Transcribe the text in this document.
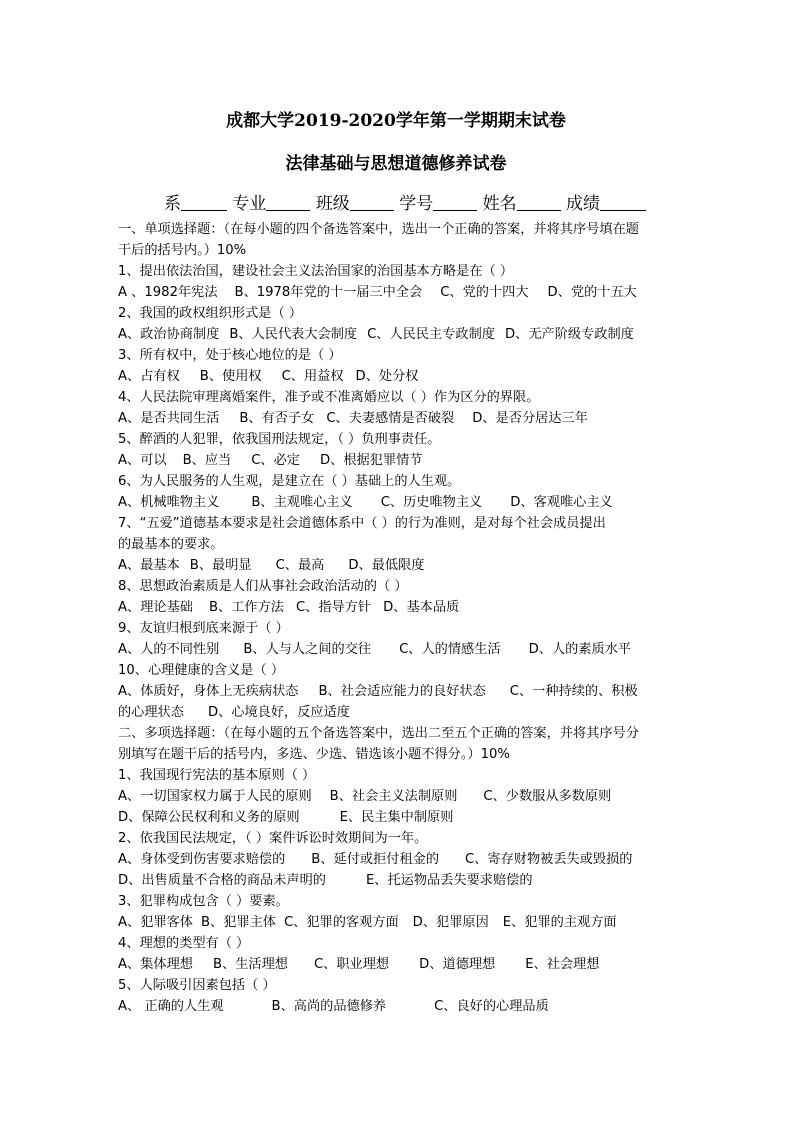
成都大学2019-2020学年第一学期期末试卷
法律基础与思想道德修养试卷
系	专业	班级	学号	姓名	成绩
一、单项选择题：（在每小题的四个备选答案中，选出一个正确的答案，并将其序号填在题
干后的括号内。）10%
1、提出依法治国，建设社会主义法治国家的治国基本方略是在（ ）
A 、1982年宪法 B、1978年党的十一届三中全会 C、党的十四大 D、党的十五大
2、我国的政权组织形式是（ ）
A、政治协商制度 B、人民代表大会制度 C、人民民主专政制度 D、无产阶级专政制度
3、所有权中，处于核心地位的是（ ）
A、占有权 B、使用权 C、用益权 D、处分权
4、人民法院审理离婚案件，准予或不准离婚应以（ ）作为区分的界限。
A、是否共同生活 B、有否子女 C、夫妻感情是否破裂 D、是否分居达三年
5、醉酒的人犯罪，依我国刑法规定，（ ）负刑事责任。
A、可以 B、应当 C、必定 D、根据犯罪情节
6、为人民服务的人生观，是建立在（ ）基础上的人生观。
A、机械唯物主义 B、主观唯心主义 C、历史唯物主义 D、客观唯心主义
7、“五爱”道德基本要求是社会道德体系中（ ）的行为准则，是对每个社会成员提出
的最基本的要求。
A、最基本 B、最明显 C、最高 D、最低限度
8、思想政治素质是人们从事社会政治活动的（ ）
A、理论基础 B、工作方法 C、指导方针 D、基本品质
9、友谊归根到底来源于（ ）
A、人的不同性别 B、人与人之间的交往 C、人的情感生活 D、人的素质水平
10、心理健康的含义是（ ）
A、体质好，身体上无疾病状态 B、社会适应能力的良好状态 C、一种持续的、积极
的心理状态 D、心境良好，反应适度
二、多项选择题：（在每小题的五个备选答案中，选出二至五个正确的答案，并将其序号分
别填写在题干后的括号内，多选、少选、错选该小题不得分。）10%
1、我国现行宪法的基本原则（ ）
A、一切国家权力属于人民的原则 B、社会主义法制原则 C、少数服从多数原则
D、保障公民权利和义务的原则	E、民主集中制原则
2、依我国民法规定，（ ）案件诉讼时效期间为一年。
A、身体受到伤害要求赔偿的 B、延付或拒付租金的 C、寄存财物被丢失或毁损的
D、出售质量不合格的商品未声明的	E、托运物品丢失要求赔偿的
3、犯罪构成包含（ ）要素。
A、犯罪客体 B、犯罪主体 C、犯罪的客观方面 D、犯罪原因 E、犯罪的主观方面
4、理想的类型有（ ）
A、集体理想 B、生活理想 C、职业理想 D、道德理想 E、社会理想
5、人际吸引因素包括（ ）
A、 正确的人生观	B、高尚的品德修养	C、良好的心理品质
